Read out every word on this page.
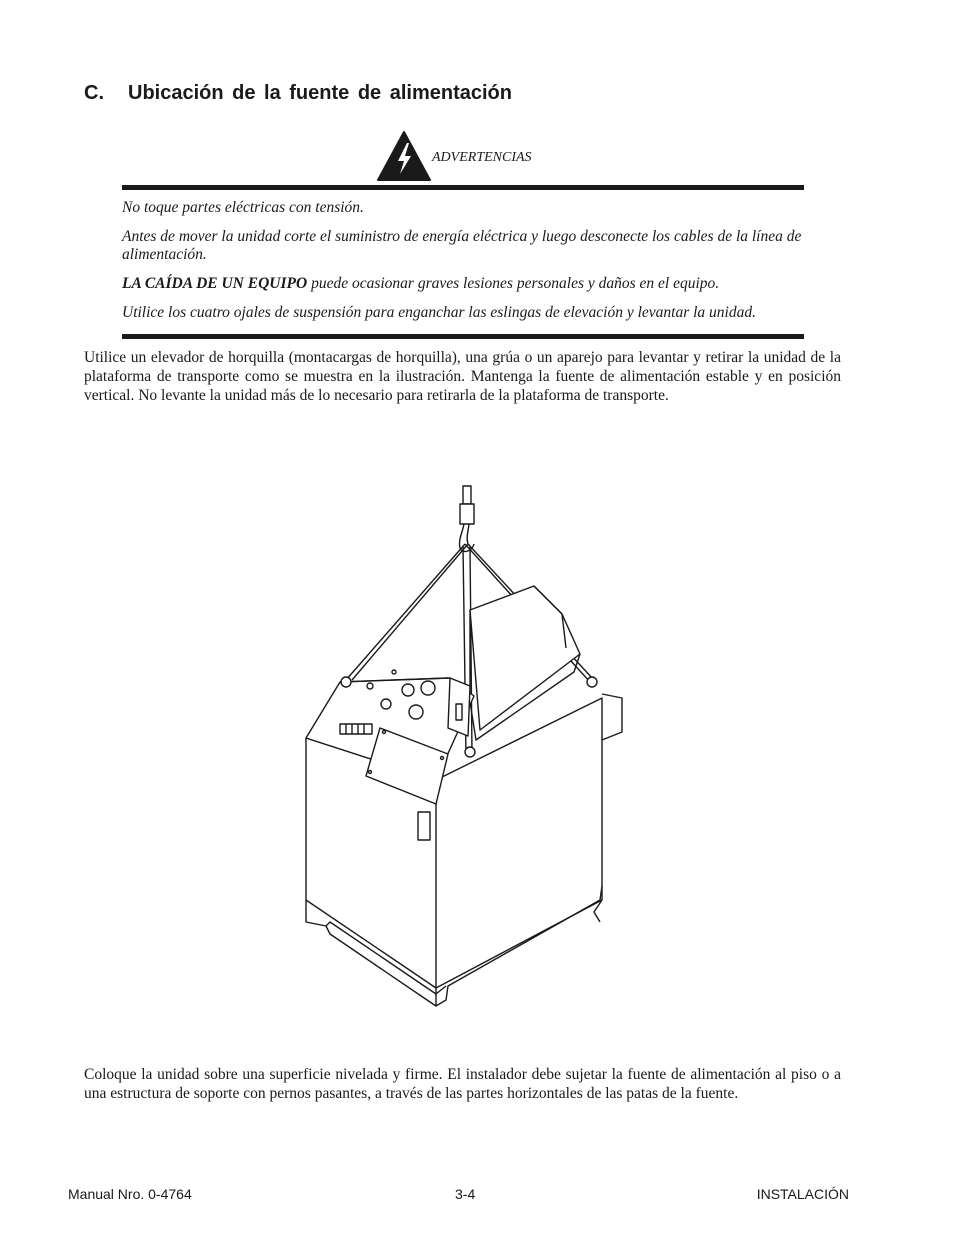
C. Ubicación de la fuente de alimentación
ADVERTENCIAS

No toque partes eléctricas con tensión.

Antes de mover la unidad corte el suministro de energía eléctrica y luego desconecte los cables de la línea de alimentación.

LA CAÍDA DE UN EQUIPO puede ocasionar graves lesiones personales y daños en el equipo.

Utilice los cuatro ojales de suspensión para enganchar las eslingas de elevación y levantar la unidad.

Utilice un elevador de horquilla (montacargas de horquilla), una grúa o un aparejo para levantar y retirar la unidad de la plataforma de transporte como se muestra en la ilustración. Mantenga la fuente de alimentación estable y en posición vertical. No levante la unidad más de lo necesario para retirarla de la plataforma de transporte.
Coloque la unidad sobre una superficie nivelada y firme. El instalador debe sujetar la fuente de alimentación al piso o a una estructura de soporte con pernos pasantes, a través de las partes horizontales de las patas de la fuente.
Manual Nro. 0-4764	3-4	INSTALACIÓN
